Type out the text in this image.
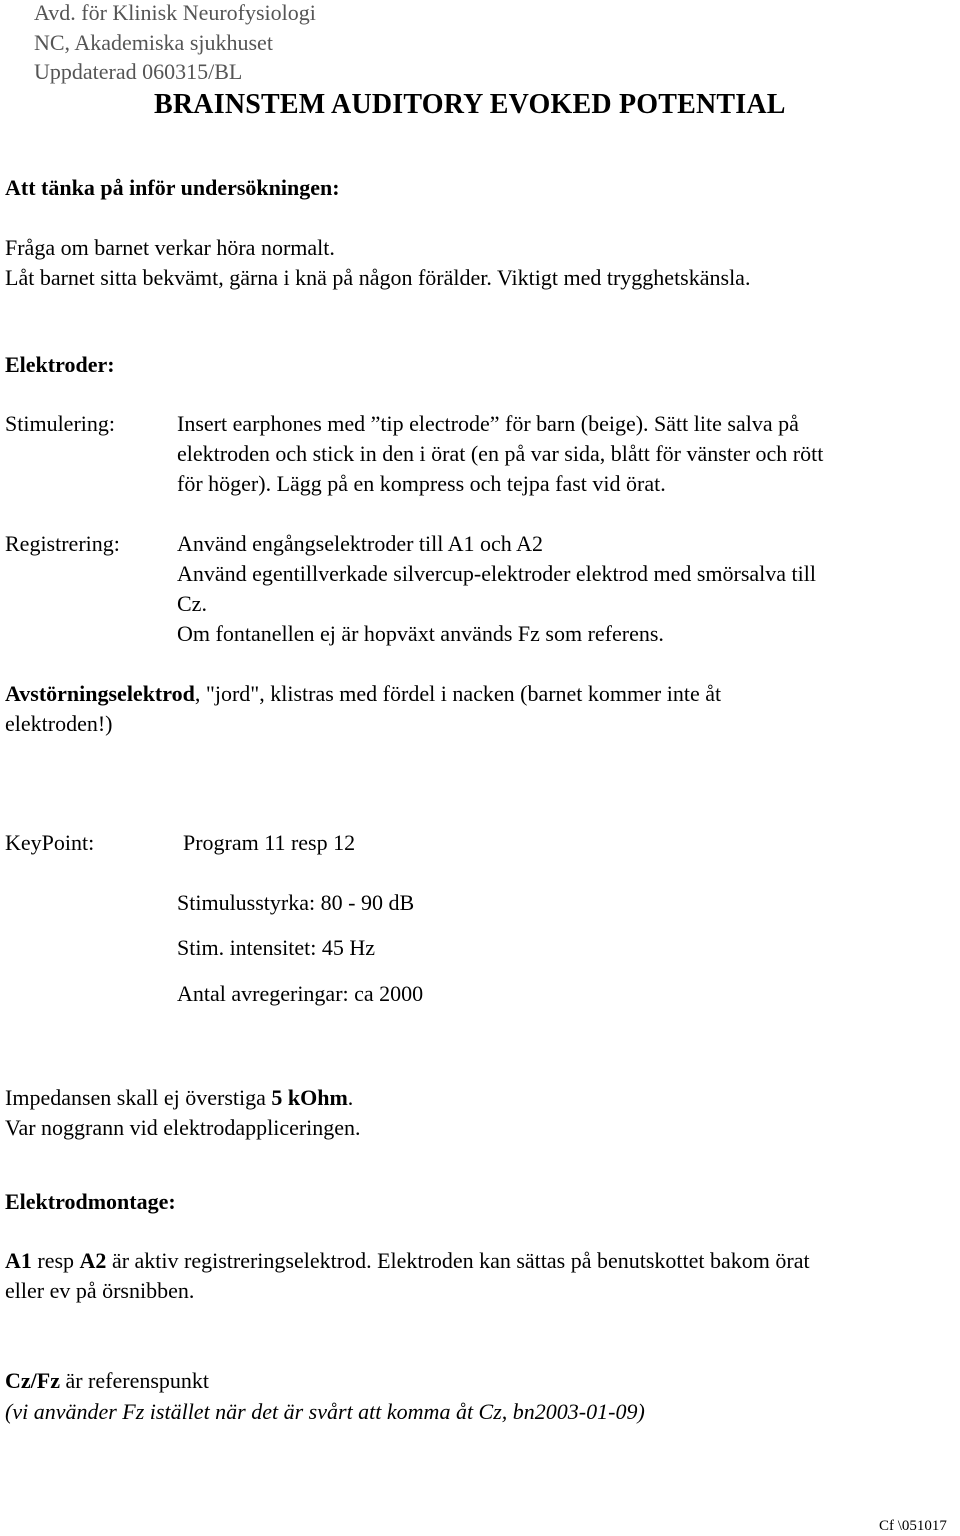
Avd. för Klinisk Neurofysiologi
NC, Akademiska sjukhuset
Uppdaterad 060315/BL
BRAINSTEM AUDITORY EVOKED POTENTIAL
Att tänka på inför undersökningen:
Fråga om barnet verkar höra normalt.
Låt barnet sitta bekvämt, gärna i knä på någon förälder. Viktigt med trygghetskänsla.
Elektroder:
Stimulering:	Insert earphones med ”tip electrode” för barn (beige). Sätt lite salva på
elektroden och stick in den i örat (en på var sida, blått för vänster och rött
för höger). Lägg på en kompress och tejpa fast vid örat.
Registrering:	Använd engångselektroder till A1 och A2
Använd egentillverkade silvercup-elektroder elektrod med smörsalva till
Cz.
Om fontanellen ej är hopväxt används Fz som referens.
Avstörningselektrod, "jord", klistras med fördel i nacken (barnet kommer inte åt
elektroden!)
KeyPoint:	Program 11 resp 12
Stimulusstyrka: 80 - 90 dB
Stim. intensitet: 45 Hz
Antal avregeringar: ca 2000
Impedansen skall ej överstiga 5 kOhm.
Var noggrann vid elektrodappliceringen.
Elektrodmontage:
A1 resp A2 är aktiv registreringselektrod. Elektroden kan sättas på benutskottet bakom örat
eller ev på örsnibben.
Cz/Fz är referenspunkt
(vi använder Fz istället när det är svårt att komma åt Cz, bn2003-01-09)
Cf \051017
